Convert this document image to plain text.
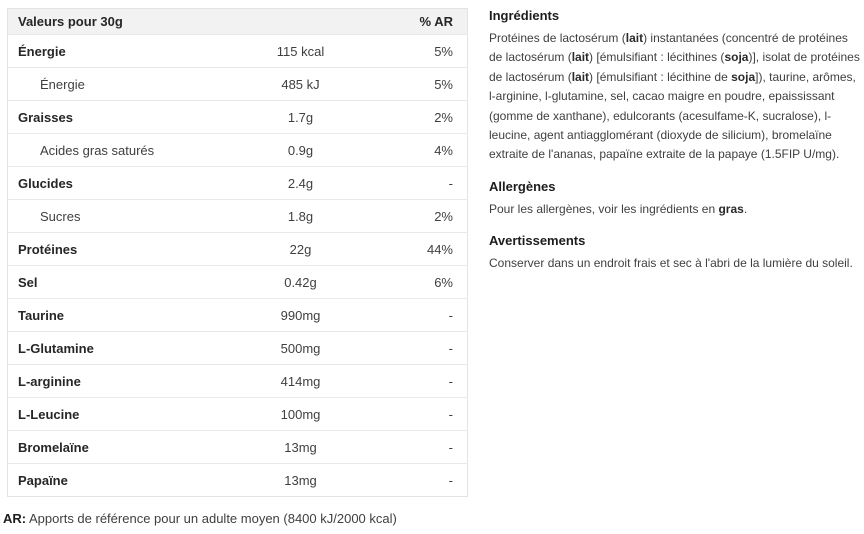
Valeurs pour 30g		% AR
Énergie	115 kcal	5%
Énergie	485 kJ	5%
Graisses	1.7g	2%
Acides gras saturés	0.9g	4%
Glucides	2.4g	-
Sucres	1.8g	2%
Protéines	22g	44%
Sel	0.42g	6%
Taurine	990mg	-
L-Glutamine	500mg	-
L-arginine	414mg	-
L-Leucine	100mg	-
Bromelaïne	13mg	-
Papaïne	13mg	-

AR: Apports de référence pour un adulte moyen (8400 kJ/2000 kcal)

Ingrédients

Protéines de lactosérum (lait) instantanées (concentré de protéines de lactosérum (lait) [émulsifiant : lécithines (soja)], isolat de protéines de lactosérum (lait) [émulsifiant : lécithine de soja]), taurine, arômes, l-arginine, l-glutamine, sel, cacao maigre en poudre, epaississant (gomme de xanthane), edulcorants (acesulfame-K, sucralose), l-leucine, agent antiagglomérant (dioxyde de silicium), bromelaïne extraite de l'ananas, papaïne extraite de la papaye (1.5FIP U/mg).

Allergènes

Pour les allergènes, voir les ingrédients en gras.

Avertissements

Conserver dans un endroit frais et sec à l'abri de la lumière du soleil.
